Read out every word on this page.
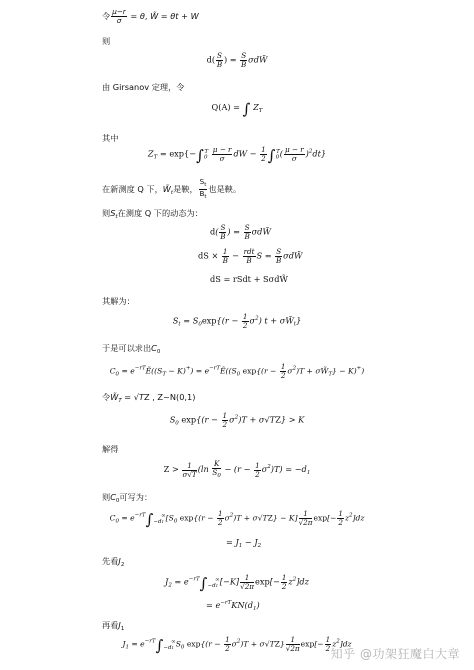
令 $\frac{\mu-r}{\sigma} = \theta$, W̃ = θt + W
则
$d( \frac{S}{B}$ ) = $\frac{S}{B}$ σdW̃
由 Girsanov 定理，令
Q(A) = ∫ $Z_T$
其中
$Z_T = \exp\{-\int_0^T \frac{\mu - r}{\sigma}$ dW − $\frac{1}{2} \int_0^T( \frac{\mu - r}{\sigma} )^2dt$}
在新测度 Q 下，$W̃_t$是鞅， $\frac{S_t}{B_t}$ 也是鞅。
则$S_t$在测度 Q 下的动态为：
$d( \frac{S}{B}$ ) = $\frac{S}{B}$ σdW̃
dS × $\frac{1}{B} - \frac{\text{rdt}}{B}$ $S = \frac{S}{B}$ σdW̃
dS = rSdt + SσdW̃
其解为：
$S_t = S_0\exp\{(r - \frac{1}{2} \sigma^2) t$ + $\sigma W̃_t$}
于是可以求出$C_0$
$C_0$ = $e^{-rT}Ẽ((S_T - K)^+)$ = $e^{-rT}Ẽ((S_0$ $\exp\{(r - \frac{1}{2} \sigma^2)T$ + $\sigma W̃_T\} - K)^+$)
令$W̃_T = √TZ$ , Z~N(0,1)
$S_0$ $\exp\{(r - \frac{1}{2} \sigma^2)T + \sigma√TZ\} > K$
解得
$Z > \frac{1}{\sigma√T} (\ln \frac{K}{S_0} - (r - \frac{1}{2} \sigma^2)T) = -d_1$
则$C_0$可写为：
$C_0 = e^{-rT}\int_{-d1}^\infty[S_0$ $\exp\{(r - \frac{1}{2} \sigma^2)T + \sigma√TZ\} - K] \frac{1}{√2\pi} \exp[- \frac{1}{2} z^2]dz$
= $J_1 - J_2$
先看$J_2$
$J_2 = e^{-rT}\int_{-d1}^\infty[-K] \frac{1}{√2\pi} \exp[- \frac{1}{2} z^2]dz$
= $e^{-rT}KN(d_1)$
再看$J_1$
$J_1 = e^{-rT}\int_{-d1}^\infty S_0$ $\exp\{(r - \frac{1}{2} \sigma^2)T + \sigma√TZ\} \frac{1}{√2\pi} \exp[- \frac{1}{2} z^2]dz$
知乎 @功架狂魔白大章
